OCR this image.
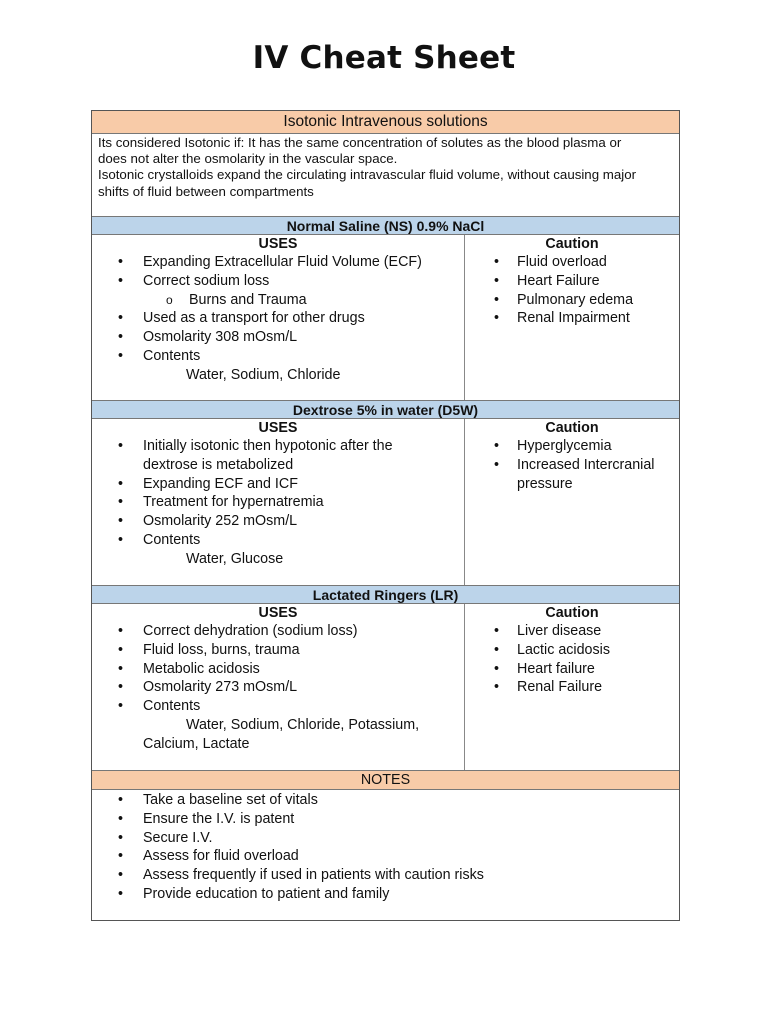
IV Cheat Sheet
Isotonic Intravenous solutions
Its considered Isotonic if: It has the same concentration of solutes as the blood plasma or
does not alter the osmolarity in the vascular space.
Isotonic crystalloids expand the circulating intravascular fluid volume, without causing major
shifts of fluid between compartments
Normal Saline (NS) 0.9% NaCl
USES
• Expanding Extracellular Fluid Volume (ECF)
• Correct sodium loss
o Burns and Trauma
• Used as a transport for other drugs
• Osmolarity 308 mOsm/L
• Contents
Water, Sodium, Chloride
Caution
• Fluid overload
• Heart Failure
• Pulmonary edema
• Renal Impairment
Dextrose 5% in water (D5W)
USES
• Initially isotonic then hypotonic after the
dextrose is metabolized
• Expanding ECF and ICF
• Treatment for hypernatremia
• Osmolarity 252 mOsm/L
• Contents
Water, Glucose
Caution
• Hyperglycemia
• Increased Intercranial
pressure
Lactated Ringers (LR)
USES
• Correct dehydration (sodium loss)
• Fluid loss, burns, trauma
• Metabolic acidosis
• Osmolarity 273 mOsm/L
• Contents
Water, Sodium, Chloride, Potassium,
Calcium, Lactate
Caution
• Liver disease
• Lactic acidosis
• Heart failure
• Renal Failure
NOTES
• Take a baseline set of vitals
• Ensure the I.V. is patent
• Secure I.V.
• Assess for fluid overload
• Assess frequently if used in patients with caution risks
• Provide education to patient and family
